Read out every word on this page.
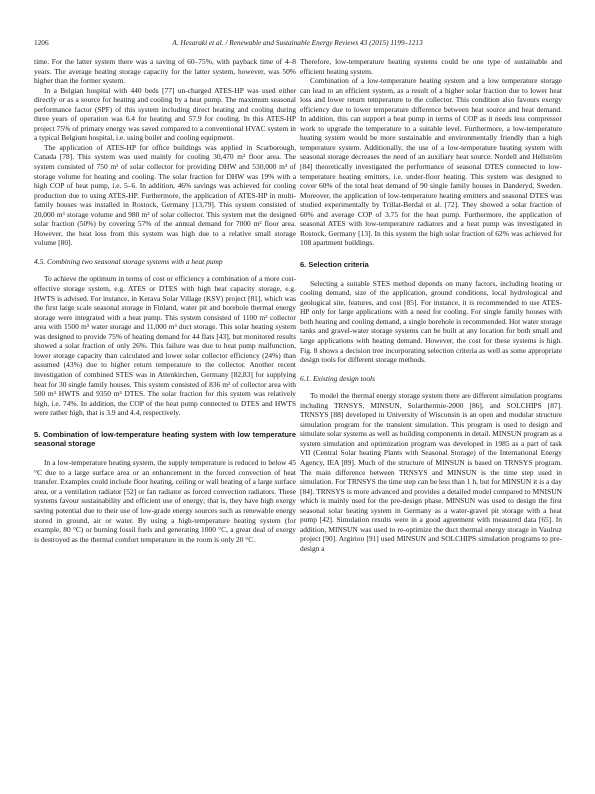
1206	A. Hesaraki et al. / Renewable and Sustainable Energy Reviews 43 (2015) 1199–1213

time. For the latter system there was a saving of 60–75%, with payback time of 4–8 years. The average heating storage capacity for the latter system, however, was 50% higher than the former system.

In a Belgian hospital with 440 beds [77] un-charged ATES-HP was used either directly or as a source for heating and cooling by a heat pump. The maximum seasonal performance factor (SPF) of this system including direct heating and cooling during three years of operation was 6.4 for heating and 57.9 for cooling. In this ATES-HP project 75% of primary energy was saved compared to a conventional HVAC system in a typical Belgium hospital, i.e. using boiler and cooling equipment.

The application of ATES-HP for office buildings was applied in Scarborough, Canada [78]. This system was used mainly for cooling 30,470 m² floor area. The system consisted of 750 m² of solar collector for providing DHW and 530,000 m³ of storage volume for heating and cooling. The solar fraction for DHW was 19% with a high COP of heat pump, i.e. 5–6. In addition, 46% savings was achieved for cooling production due to using ATES-HP. Furthermore, the application of ATES-HP in multi-family houses was installed in Rostock, Germany [13,79]. This system consisted of 20,000 m³ storage volume and 980 m² of solar collector. This system met the designed solar fraction (50%) by covering 57% of the annual demand for 7000 m² floor area. However, the heat loss from this system was high due to a relative small storage volume [80].

4.5. Combining two seasonal storage systems with a heat pump

To achieve the optimum in terms of cost or efficiency a combination of a more cost-effective storage system, e.g. ATES or DTES with high heat capacity storage, e.g. HWTS is advised. For instance, in Kerava Solar Village (KSV) project [81], which was the first large scale seasonal storage in Finland, water pit and borehole thermal energy storage were integrated with a heat pump. This system consisted of 1100 m² collector area with 1500 m³ water storage and 11,000 m³ duct storage. This solar heating system was designed to provide 75% of heating demand for 44 flats [43], but monitored results showed a solar fraction of only 26%. This failure was due to heat pump malfunction, lower storage capacity than calculated and lower solar collector efficiency (24%) than assumed (43%) due to higher return temperature to the collector. Another recent investigation of combined STES was in Attenkirchen, Germany [82,83] for supplying heat for 30 single family houses. This system consisted of 836 m² of collector area with 500 m³ HWTS and 9350 m³ DTES. The solar fraction for this system was relatively high, i.e. 74%. In addition, the COP of the heat pump connected to DTES and HWTS were rather high, that is 3.9 and 4.4, respectively.

5. Combination of low-temperature heating system with low temperature seasonal storage

In a low-temperature heating system, the supply temperature is reduced to below 45 °C due to a large surface area or an enhancement in the forced convection of heat transfer. Examples could include floor heating, ceiling or wall heating of a large surface area, or a ventilation radiator [52] or fan radiator as forced convection radiators. These systems favour sustainability and efficient use of energy; that is, they have high exergy saving potential due to their use of low-grade energy sources such as renewable energy stored in ground, air or water. By using a high-temperature heating system (for example, 80 °C) or burning fossil fuels and generating 1000 °C, a great deal of exergy is destroyed as the thermal comfort temperature in the room is only 20 °C.

Therefore, low-temperature heating systems could be one type of sustainable and efficient heating system.

Combination of a low-temperature heating system and a low temperature storage can lead to an efficient system, as a result of a higher solar fraction due to lower heat loss and lower return temperature to the collector. This condition also favours exergy efficiency due to lower temperature difference between heat source and heat demand. In addition, this can support a heat pump in terms of COP as it needs less compressor work to upgrade the temperature to a suitable level. Furthermore, a low-temperature heating system would be more sustainable and environmentally friendly than a high temperature system. Additionally, the use of a low-temperature heating system with seasonal storage decreases the need of an auxiliary heat source. Nordell and Hellström [84] theoretically investigated the performance of seasonal DTES connected to low-temperature heating emitters, i.e. under-floor heating. This system was designed to cover 60% of the total heat demand of 90 single family houses in Danderyd, Sweden. Moreover, the application of low-temperature heating emitters and seasonal DTES was studied experimentally by Trillat-Berdal et al. [72]. They showed a solar fraction of 60% and average COP of 3.75 for the heat pump. Furthermore, the application of seasonal ATES with low-temperature radiators and a heat pump was investigated in Rostock, Germany [13]. In this system the high solar fraction of 62% was achieved for 108 apartment buildings.

6. Selection criteria

Selecting a suitable STES method depends on many factors, including heating or cooling demand, size of the application, ground conditions, local hydrological and geological site, features, and cost [85]. For instance, it is recommended to use ATES-HP only for large applications with a need for cooling. For single family houses with both heating and cooling demand, a single borehole is recommended. Hot water storage tanks and gravel-water storage systems can be built at any location for both small and large applications with heating demand. However, the cost for these systems is high. Fig. 8 shows a decision tree incorporating selection criteria as well as some appropriate design tools for different storage methods.

6.1. Existing design tools

To model the thermal energy storage system there are different simulation programs including TRNSYS, MINSUN, Solarthermie-2000 [86], and SOLCHIPS [87]. TRNSYS [88] developed in University of Wisconsin is an open and modular structure simulation program for the transient simulation. This program is used to design and simulate solar systems as well as building components in detail. MINSUN program as a system simulation and optimization program was developed in 1985 as a part of task VII (Central Solar heating Plants with Seasonal Storage) of the International Energy Agency, IEA [89]. Much of the structure of MINSUN is based on TRNSYS program. The main difference between TRNSYS and MINSUN is the time step used in simulation. For TRNSYS the time step can be less than 1 h, but for MINSUN it is a day [84]. TRNSYS is more advanced and provides a detailed model compared to MNISUN which is mainly used for the pre-design phase. MINSUN was used to design the first seasonal solar heating system in Germany as a water-gravel pit storage with a heat pump [42]. Simulation results were in a good agreement with measured data [65]. In addition, MINSUN was used to re-optimize the duct thermal energy storage in Vaulruz project [90]. Argiriou [91] used MINSUN and SOLCHIPS simulation programs to pre-design a
